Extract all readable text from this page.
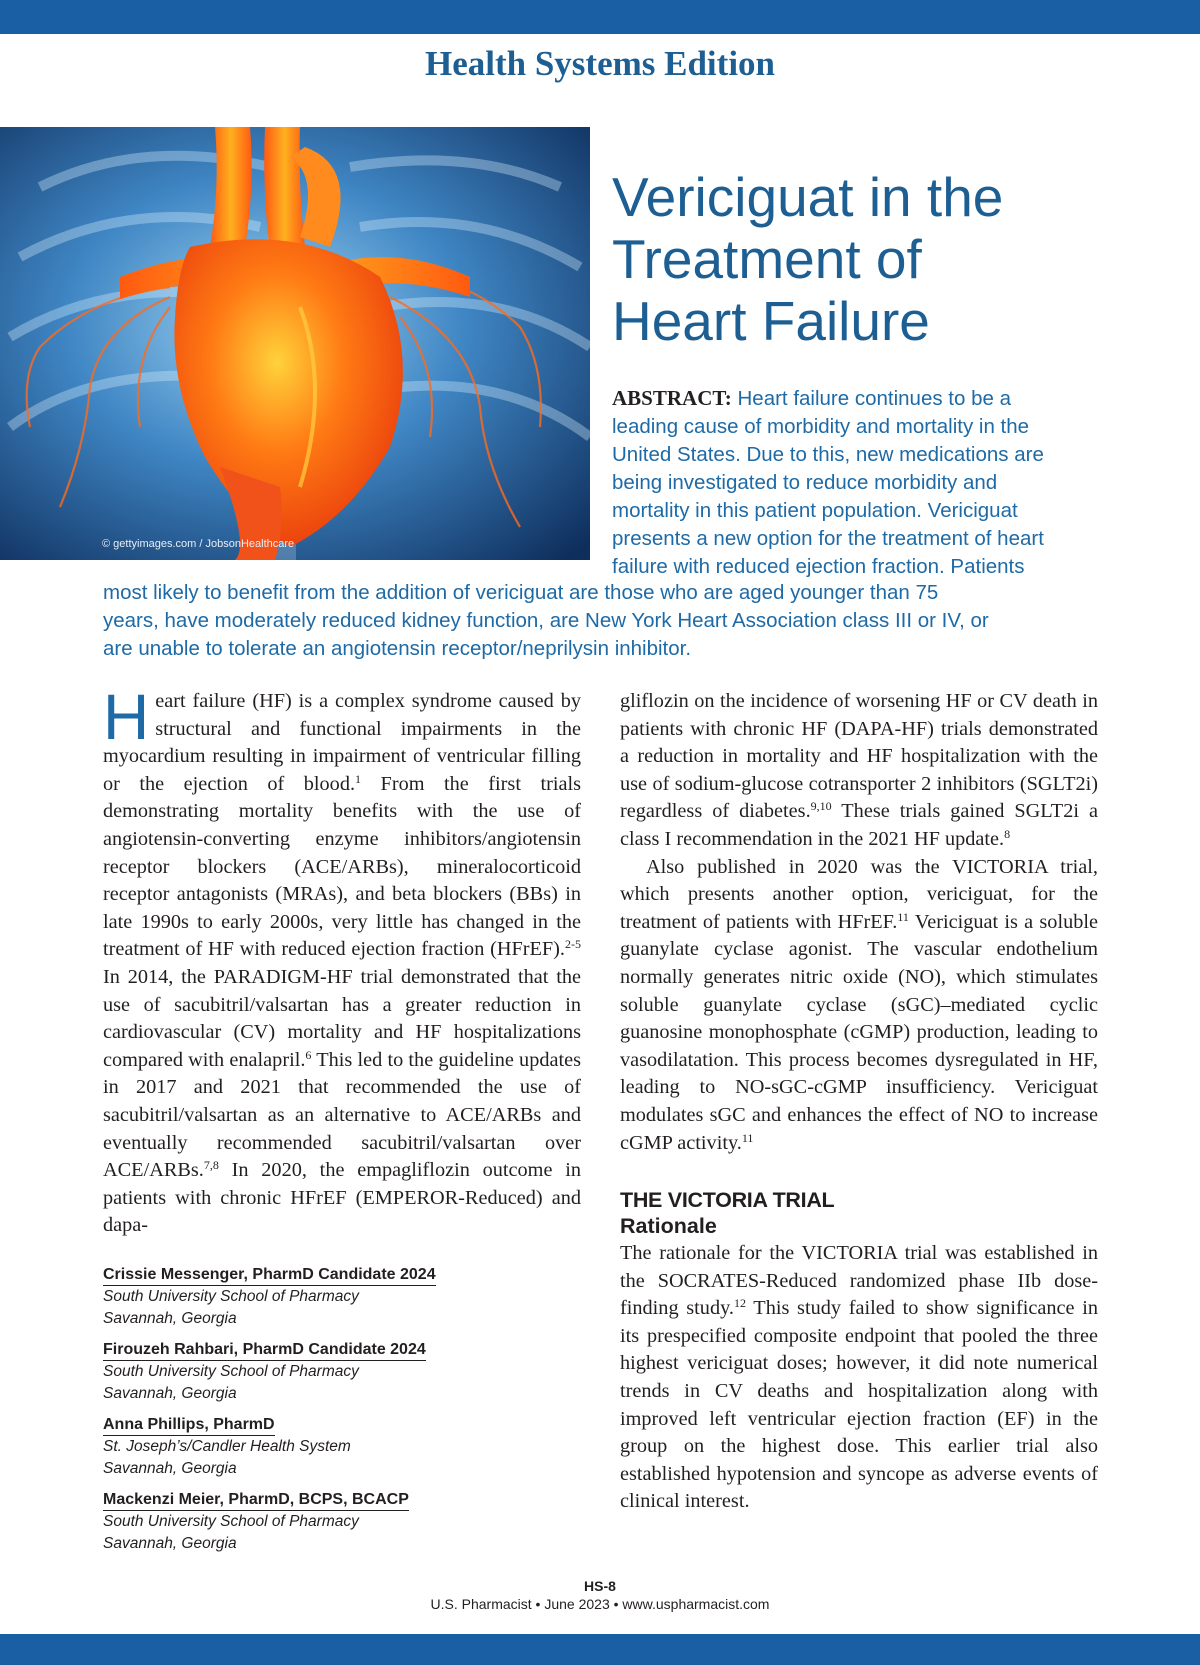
Health Systems Edition
© gettyimages.com / JobsonHealthcare
Vericiguat in the
Treatment of
Heart Failure
ABSTRACT: Heart failure continues to be a
leading cause of morbidity and mortality in the
United States. Due to this, new medications are
being investigated to reduce morbidity and
mortality in this patient population. Vericiguat
presents a new option for the treatment of heart
failure with reduced ejection fraction. Patients
most likely to benefit from the addition of vericiguat are those who are aged younger than 75
years, have moderately reduced kidney function, are New York Heart Association class III or IV, or
are unable to tolerate an angiotensin receptor/neprilysin inhibitor.

Heart failure (HF) is a complex syndrome caused by structural and functional impairments in the myocardium resulting in impairment of ventricular filling or the ejection of blood.$^1$ From the first trials demonstrating mortality benefits with the use of angiotensin-converting enzyme inhibitors/angiotensin receptor blockers (ACE/ARBs), mineralocorticoid receptor antagonists (MRAs), and beta blockers (BBs) in late 1990s to early 2000s, very little has changed in the treatment of HF with reduced ejection fraction (HFrEF).$^{2-5}$ In 2014, the PARADIGM-HF trial demonstrated that the use of sacubitril/valsartan has a greater reduction in cardiovascular (CV) mortality and HF hospitalizations compared with enalapril.$^6$ This led to the guideline updates in 2017 and 2021 that recommended the use of sacubitril/valsartan as an alternative to ACE/ARBs and eventually recommended sacubitril/valsartan over ACE/ARBs.$^{7,8}$ In 2020, the empagliflozin outcome in patients with chronic HFrEF (EMPEROR-Reduced) and dapa-

Crissie Messenger, PharmD Candidate 2024
South University School of Pharmacy
Savannah, Georgia
Firouzeh Rahbari, PharmD Candidate 2024
South University School of Pharmacy
Savannah, Georgia
Anna Phillips, PharmD
St. Joseph’s/Candler Health System
Savannah, Georgia
Mackenzi Meier, PharmD, BCPS, BCACP
South University School of Pharmacy
Savannah, Georgia

gliflozin on the incidence of worsening HF or CV death in patients with chronic HF (DAPA-HF) trials demonstrated a reduction in mortality and HF hospitalization with the use of sodium-glucose cotransporter 2 inhibitors (SGLT2i) regardless of diabetes.$^{9,10}$ These trials gained SGLT2i a class I recommendation in the 2021 HF update.$^8$

Also published in 2020 was the VICTORIA trial, which presents another option, vericiguat, for the treatment of patients with HFrEF.$^{11}$ Vericiguat is a soluble guanylate cyclase agonist. The vascular endothelium normally generates nitric oxide (NO), which stimulates soluble guanylate cyclase (sGC)–mediated cyclic guanosine monophosphate (cGMP) production, leading to vasodilatation. This process becomes dysregulated in HF, leading to NO-sGC-cGMP insufficiency. Vericiguat modulates sGC and enhances the effect of NO to increase cGMP activity.$^{11}$

THE VICTORIA TRIAL
Rationale

The rationale for the VICTORIA trial was established in the SOCRATES-Reduced randomized phase IIb dose-finding study.$^{12}$ This study failed to show significance in its prespecified composite endpoint that pooled the three highest vericiguat doses; however, it did note numerical trends in CV deaths and hospitalization along with improved left ventricular ejection fraction (EF) in the group on the highest dose. This earlier trial also established hypotension and syncope as adverse events of clinical interest.

HS-8
U.S. Pharmacist • June 2023 • www.uspharmacist.com
